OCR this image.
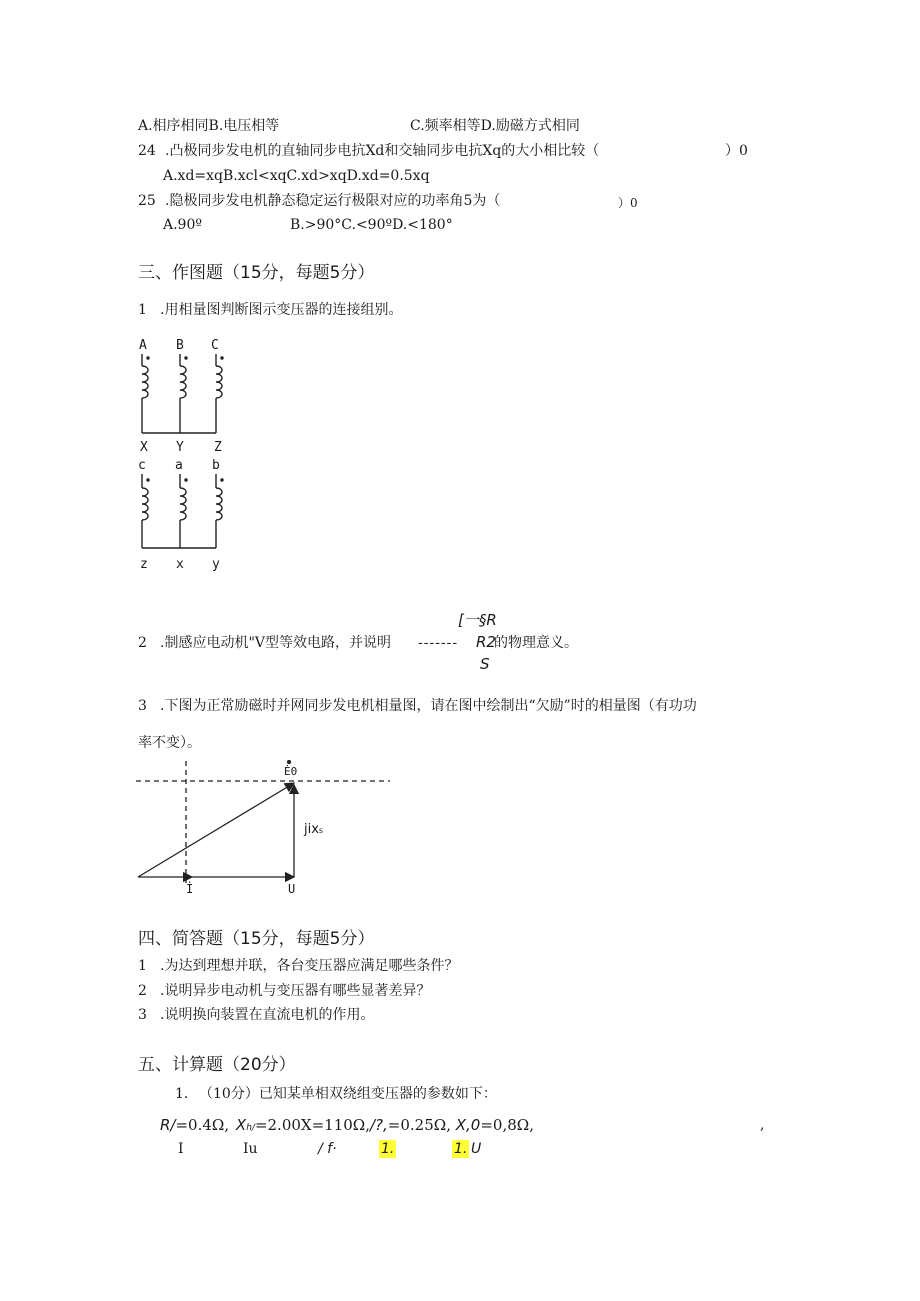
A.相序相同B.电压相等	C.频率相等D.励磁方式相同
24 .凸极同步发电机的直轴同步电抗Xd和交轴同步电抗Xq的大小相比较（	）0
A.xd=xqB.xcl<xqC.xd>xqD.xd=0.5xq
25 .隐极同步发电机静态稳定运行极限对应的功率角5为（	）0
A.90º	B.>90°C.<90ºD.<180°
三、作图题（15分，每题5分）
1 .用相量图判断图示变压器的连接组别。
A B C
X Y Z
c a b
z x y
[一§R
2 .制感应电动机"V型等效电路，并说明 ------- R2
的物理意义。
S
3 .下图为正常励磁时并网同步发电机相量图，请在图中绘制出“欠励”时的相量图（有功功
率不变）。
Ė0
jixs
İ	U
四、简答题（15分，每题5分）
1 .为达到理想并联，各台变压器应满足哪些条件？
2 .说明异步电动机与变压器有哪些显著差异？
3 .说明换向装置在直流电机的作用。
五、计算题（20分）
1. （10分）已知某单相双绕组变压器的参数如下：
R/=0.4Ω, Xh/=2.00X=110Ω,/?,=0.25Ω, X,0=0,8Ω,	,
I	Iu	/ f·	1.	1. U
